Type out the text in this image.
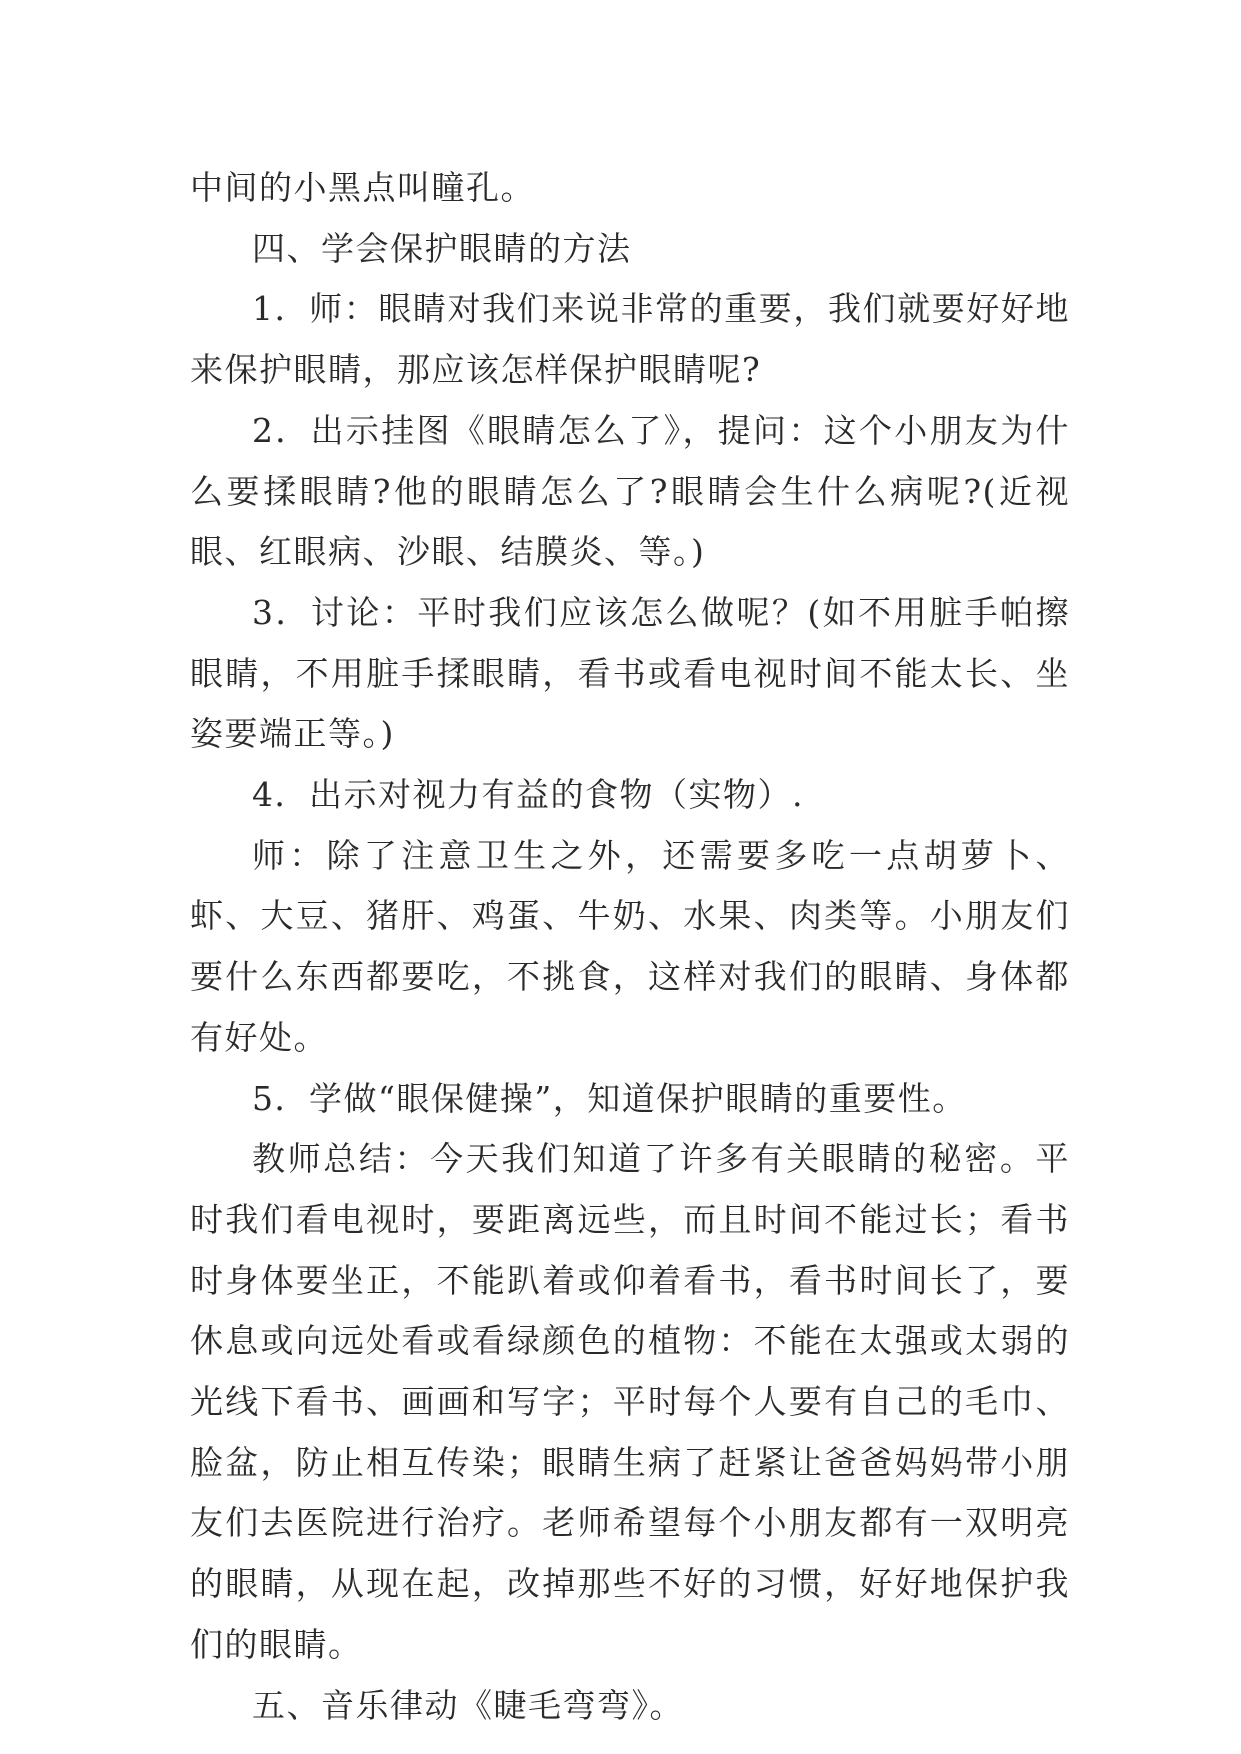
中间的小黑点叫瞳孔。

四、学会保护眼睛的方法

1．师：眼睛对我们来说非常的重要，我们就要好好地来保护眼睛，那应该怎样保护眼睛呢?

2．出示挂图《眼睛怎么了》，提问：这个小朋友为什么要揉眼睛?他的眼睛怎么了?眼睛会生什么病呢?(近视眼、红眼病、沙眼、结膜炎、等。)

3．讨论：平时我们应该怎么做呢？(如不用脏手帕擦眼睛，不用脏手揉眼睛，看书或看电视时间不能太长、坐姿要端正等。)

4．出示对视力有益的食物（实物）.

师：除了注意卫生之外，还需要多吃一点胡萝卜、虾、大豆、猪肝、鸡蛋、牛奶、水果、肉类等。小朋友们要什么东西都要吃，不挑食，这样对我们的眼睛、身体都有好处。

5．学做“眼保健操”，知道保护眼睛的重要性。

教师总结：今天我们知道了许多有关眼睛的秘密。平时我们看电视时，要距离远些，而且时间不能过长；看书时身体要坐正，不能趴着或仰着看书，看书时间长了，要休息或向远处看或看绿颜色的植物：不能在太强或太弱的光线下看书、画画和写字；平时每个人要有自己的毛巾、脸盆，防止相互传染；眼睛生病了赶紧让爸爸妈妈带小朋友们去医院进行治疗。老师希望每个小朋友都有一双明亮的眼睛，从现在起，改掉那些不好的习惯，好好地保护我们的眼睛。

五、音乐律动《睫毛弯弯》。
